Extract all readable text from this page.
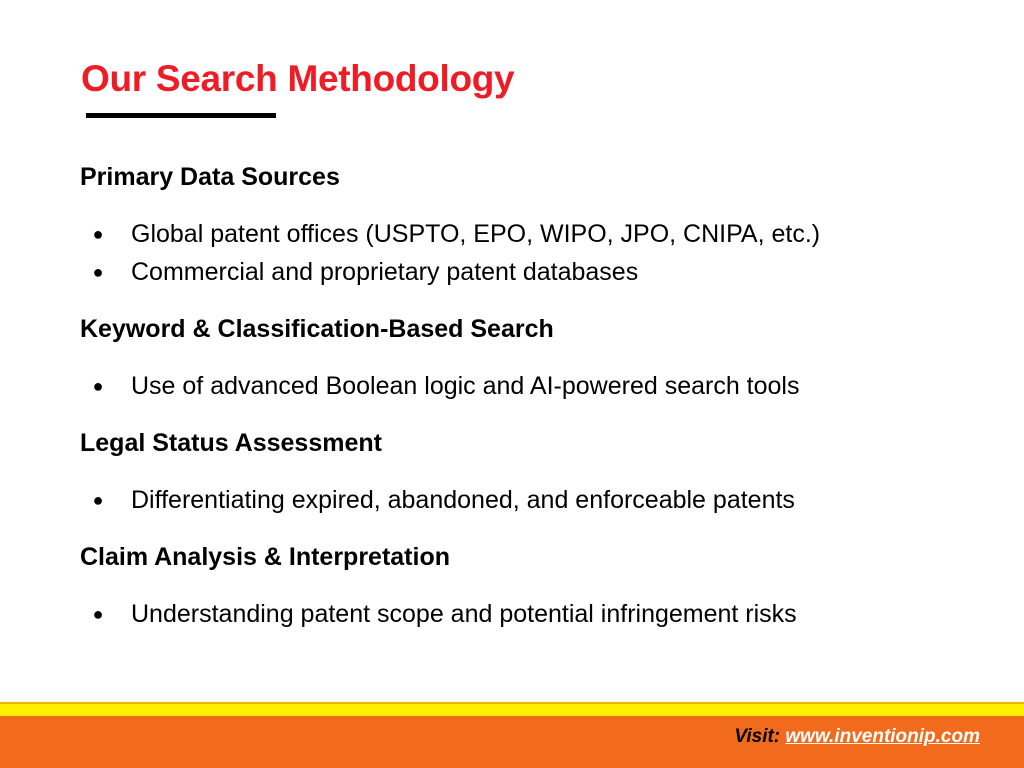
Our Search Methodology
Primary Data Sources
● Global patent offices (USPTO, EPO, WIPO, JPO, CNIPA, etc.)
● Commercial and proprietary patent databases
Keyword & Classification-Based Search
● Use of advanced Boolean logic and AI-powered search tools
Legal Status Assessment
● Differentiating expired, abandoned, and enforceable patents
Claim Analysis & Interpretation
● Understanding patent scope and potential infringement risks
Visit: www.inventionip.com
